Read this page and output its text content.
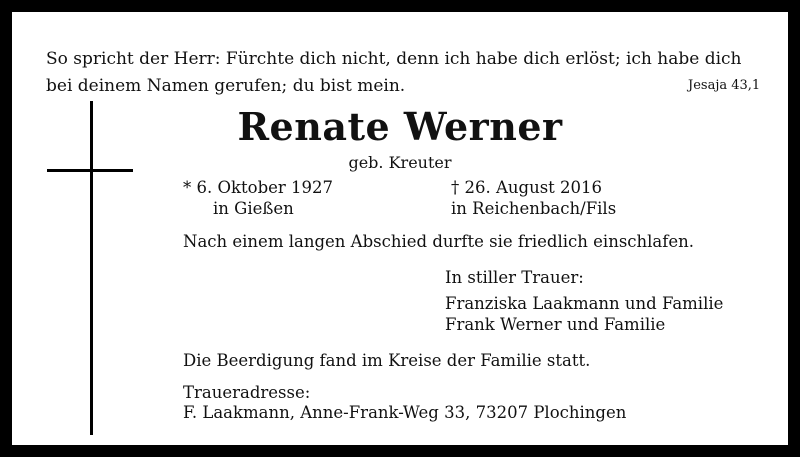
So spricht der Herr: Fürchte dich nicht, denn ich habe dich erlöst; ich habe dich
bei deinem Namen gerufen; du bist mein.	Jesaja 43,1
Renate Werner
geb. Kreuter
* 6. Oktober 1927
in Gießen
† 26. August 2016
in Reichenbach/Fils
Nach einem langen Abschied durfte sie friedlich einschlafen.
In stiller Trauer:
Franziska Laakmann und Familie
Frank Werner und Familie
Die Beerdigung fand im Kreise der Familie statt.
Traueradresse:
F. Laakmann, Anne-Frank-Weg 33, 73207 Plochingen
